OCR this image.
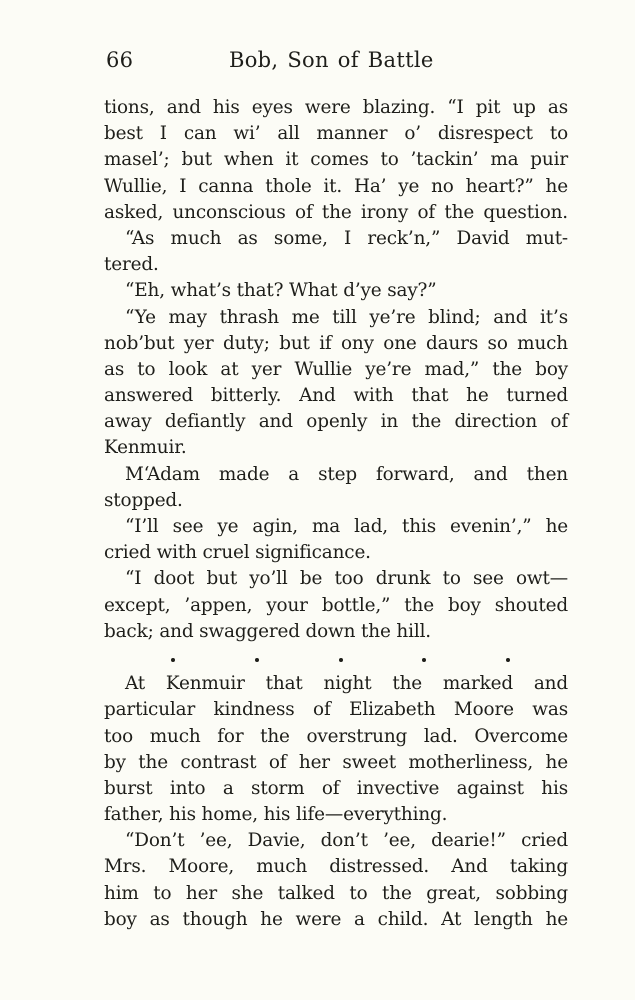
66	Bob, Son of Battle
tions, and his eyes were blazing. “I pit up as
best I can wi’ all manner o’ disrespect to
masel’; but when it comes to ’tackin’ ma puir
Wullie, I canna thole it. Ha’ ye no heart?” he
asked, unconscious of the irony of the question.
“As much as some, I reck’n,” David mut-
tered.
“Eh, what’s that? What d’ye say?”
“Ye may thrash me till ye’re blind; and it’s
nob’but yer duty; but if ony one daurs so much
as to look at yer Wullie ye’re mad,” the boy
answered bitterly. And with that he turned
away defiantly and openly in the direction of
Kenmuir.
M‘Adam made a step forward, and then
stopped.
“I’ll see ye agin, ma lad, this evenin’,” he
cried with cruel significance.
“I doot but yo’ll be too drunk to see owt—
except, ’appen, your bottle,” the boy shouted
back; and swaggered down the hill.
At Kenmuir that night the marked and
particular kindness of Elizabeth Moore was
too much for the overstrung lad. Overcome
by the contrast of her sweet motherliness, he
burst into a storm of invective against his
father, his home, his life—everything.
“Don’t ’ee, Davie, don’t ’ee, dearie!” cried
Mrs. Moore, much distressed. And taking
him to her she talked to the great, sobbing
boy as though he were a child. At length he
